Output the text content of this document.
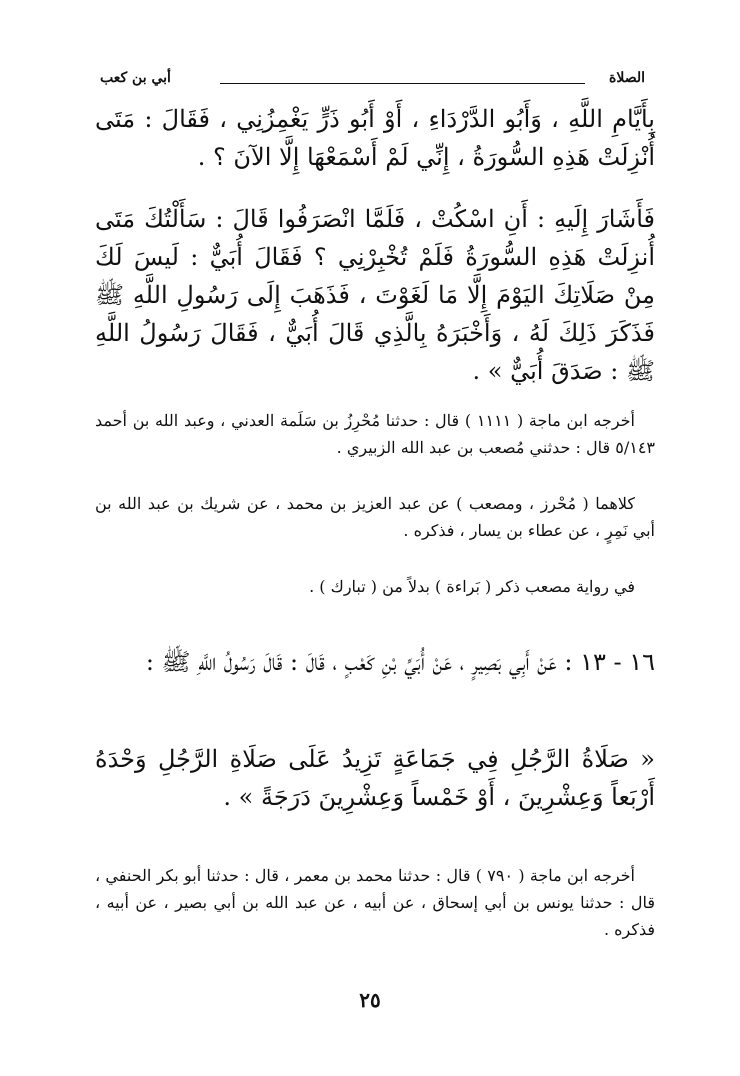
الصلاة
أبي بن كعب

بِأَيَّامِ اللَّهِ ، وَأَبُو الدَّرْدَاءِ ، أَوْ أَبُو ذَرٍّ يَغْمِزُنِي ، فَقَالَ : مَتَى أُنْزِلَتْ هَذِهِ السُّورَةُ ، إِنِّي لَمْ أَسْمَعْهَا إِلَّا الآنَ ؟ .

فَأَشَارَ إِلَيهِ : أَنِ اسْكُتْ ، فَلَمَّا انْصَرَفُوا قَالَ : سَأَلْتُكَ مَتَى أُنزِلَتْ هَذِهِ السُّورَةُ فَلَمْ تُخْبِرْنِي ؟ فَقَالَ أُبَيٌّ : لَيسَ لَكَ مِنْ صَلَاتِكَ اليَوْمَ إِلَّا مَا لَغَوْتَ ، فَذَهَبَ إِلَى رَسُولِ اللَّهِ ﷺ فَذَكَرَ ذَلِكَ لَهُ ، وَأَخْبَرَهُ بِالَّذِي قَالَ أُبَيٌّ ، فَقَالَ رَسُولُ اللَّهِ ﷺ : صَدَقَ أُبَيٌّ » .

أخرجه ابن ماجة ( ١١١١ ) قال : حدثنا مُحْرِزُ بن سَلَمة العدني ، وعبد الله بن أحمد ٥/١٤٣ قال : حدثني مُصعب بن عبد الله الزبيري .

كلاهما ( مُحْرز ، ومصعب ) عن عبد العزيز بن محمد ، عن شريك بن عبد الله بن أبي نَمِرٍ ، عن عطاء بن يسار ، فذكره .

في رواية مصعب ذكر ( بَراءة ) بدلاً من ( تبارك ) .

١٦ - ١٣ : عَنْ أَبِي بَصِيرٍ ، عَنْ أُبَيِّ بْنِ كَعْبٍ ، قَالَ : قَالَ رَسُولُ اللَّهِ ﷺ :

« صَلَاةُ الرَّجُلِ فِي جَمَاعَةٍ تَزِيدُ عَلَى صَلَاةِ الرَّجُلِ وَحْدَهُ أَرْبَعاً وَعِشْرِينَ ، أَوْ خَمْساً وَعِشْرِينَ دَرَجَةً » .

أخرجه ابن ماجة ( ٧٩٠ ) قال : حدثنا محمد بن معمر ، قال : حدثنا أبو بكر الحنفي ، قال : حدثنا يونس بن أبي إسحاق ، عن أبيه ، عن عبد الله بن أبي بصير ، عن أبيه ، فذكره .

٢٥
